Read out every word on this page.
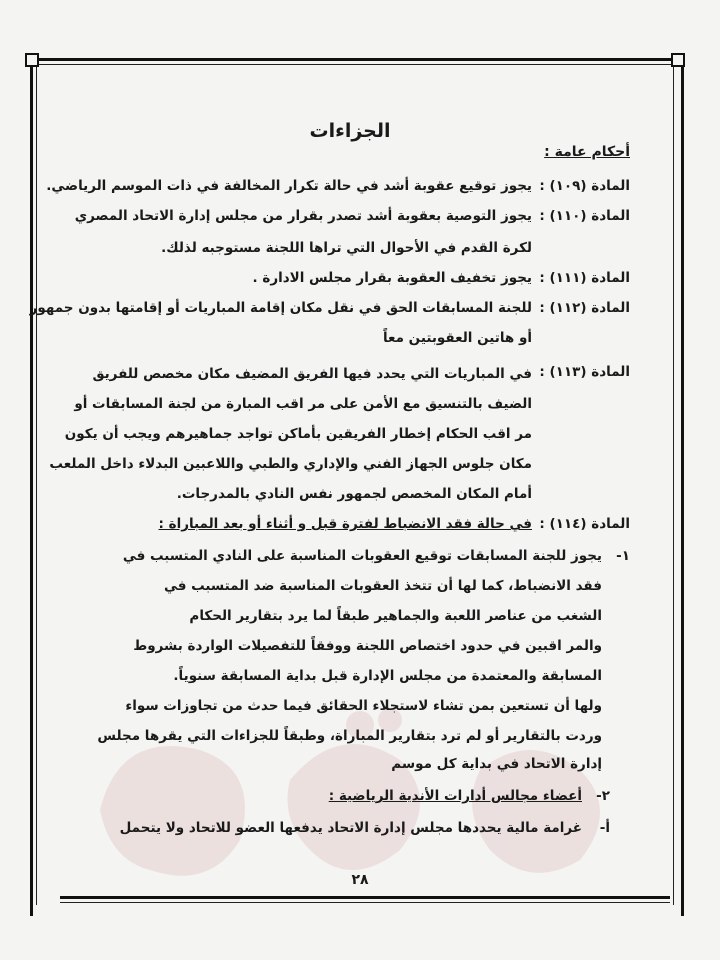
الجزاءات
أحكام عامة :
المادة (١٠٩) :
يجوز توقيع عقوبة أشد في حالة تكرار المخالفة في ذات الموسم الرياضي.
المادة (١١٠) :
يجوز التوصية بعقوبة أشد تصدر بقرار من مجلس إدارة الاتحاد المصري
لكرة القدم في الأحوال التي تراها اللجنة مستوجبه لذلك.
المادة (١١١) :
يجوز تخفيف العقوبة بقرار مجلس الادارة .
المادة (١١٢) :
للجنة المسابقات الحق في نقل مكان إقامة المباريات أو إقامتها بدون جمهور
أو هاتين العقوبتين معاً
المادة (١١٣) :
في المباريات التي يحدد فيها الفريق المضيف مكان مخصص للفريق
الضيف بالتنسيق مع الأمن على مر اقب المبارة من لجنة المسابقات أو
مر اقب الحكام إخطار الفريقين بأماكن تواجد جماهيرهم ويجب أن يكون
مكان جلوس الجهاز الفني والإداري والطبي واللاعبين البدلاء داخل الملعب
أمام المكان المخصص لجمهور نفس النادي بالمدرجات.
المادة (١١٤) :
في حالة فقد الانضباط لفترة قبل و أثناء أو بعد المباراة :
١-
يجوز للجنة المسابقات توقيع العقوبات المناسبة على النادي المتسبب في
فقد الانضباط، كما لها أن تتخذ العقوبات المناسبة ضد المتسبب في
الشغب من عناصر اللعبة والجماهير طبقاً لما يرد بتقارير الحكام
والمر اقبين في حدود اختصاص اللجنة ووفقاً للتفصيلات الواردة بشروط
المسابقة والمعتمدة من مجلس الإدارة قبل بداية المسابقة سنوياً.
ولها أن تستعين بمن تشاء لاستجلاء الحقائق فيما حدث من تجاوزات سواء
وردت بالتقارير أو لم ترد بتقارير المباراة، وطبقاً للجزاءات التي يقرها مجلس
إدارة الاتحاد في بداية كل موسم
٢-
أعضاء مجالس أدارات الأندية الرياضية :
أ-
غرامة مالية يحددها مجلس إدارة الاتحاد يدفعها العضو للاتحاد ولا يتحمل
٢٨
